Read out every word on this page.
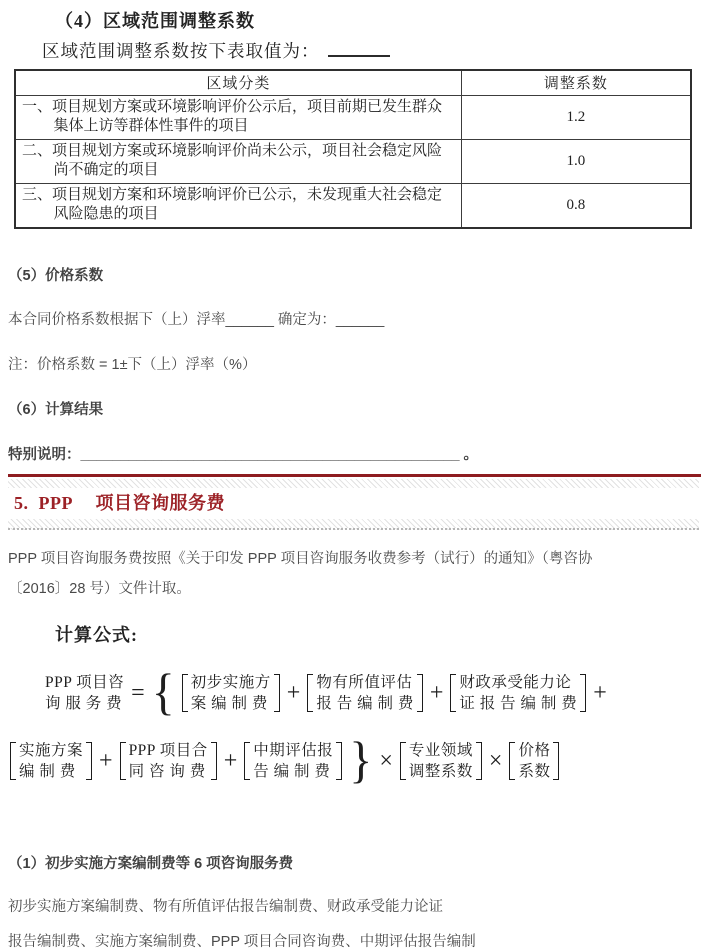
（4）区域范围调整系数
区域范围调整系数按下表取值为：
区域分类	调整系数
一、项目规划方案或环境影响评价公示后，项目前期已发生群众集体上访等群体性事件的项目	1.2
二、项目规划方案或环境影响评价尚未公示，项目社会稳定风险尚不确定的项目	1.0
三、项目规划方案和环境影响评价已公示，未发现重大社会稳定风险隐患的项目	0.8
（5）价格系数
本合同价格系数根据下（上）浮率______ 确定为：______
注：价格系数 = 1±下（上）浮率（%）
（6）计算结果
特别说明：_______________________________________________ 。
5.  PPP　 项目咨询服务费
PPP 项目咨询服务费按照《关于印发 PPP 项目咨询服务收费参考（试行）的通知》（粤咨协
〔2016〕28 号）文件计取。
计算公式:
PPP 项目咨
询 服 务 费 = { 初步实施方
案 编 制 费 + 物有所值评估
报 告 编 制 费 + 财政承受能力论
证 报 告 编 制 费 +
实施方案
编 制 费 + PPP 项目合
同 咨 询 费 + 中期评估报
告 编 制 费 } × 专业领域
调整系数 × 价格
系数
（1）初步实施方案编制费等 6 项咨询服务费
初步实施方案编制费、物有所值评估报告编制费、财政承受能力论证
报告编制费、实施方案编制费、PPP 项目合同咨询费、中期评估报告编制
